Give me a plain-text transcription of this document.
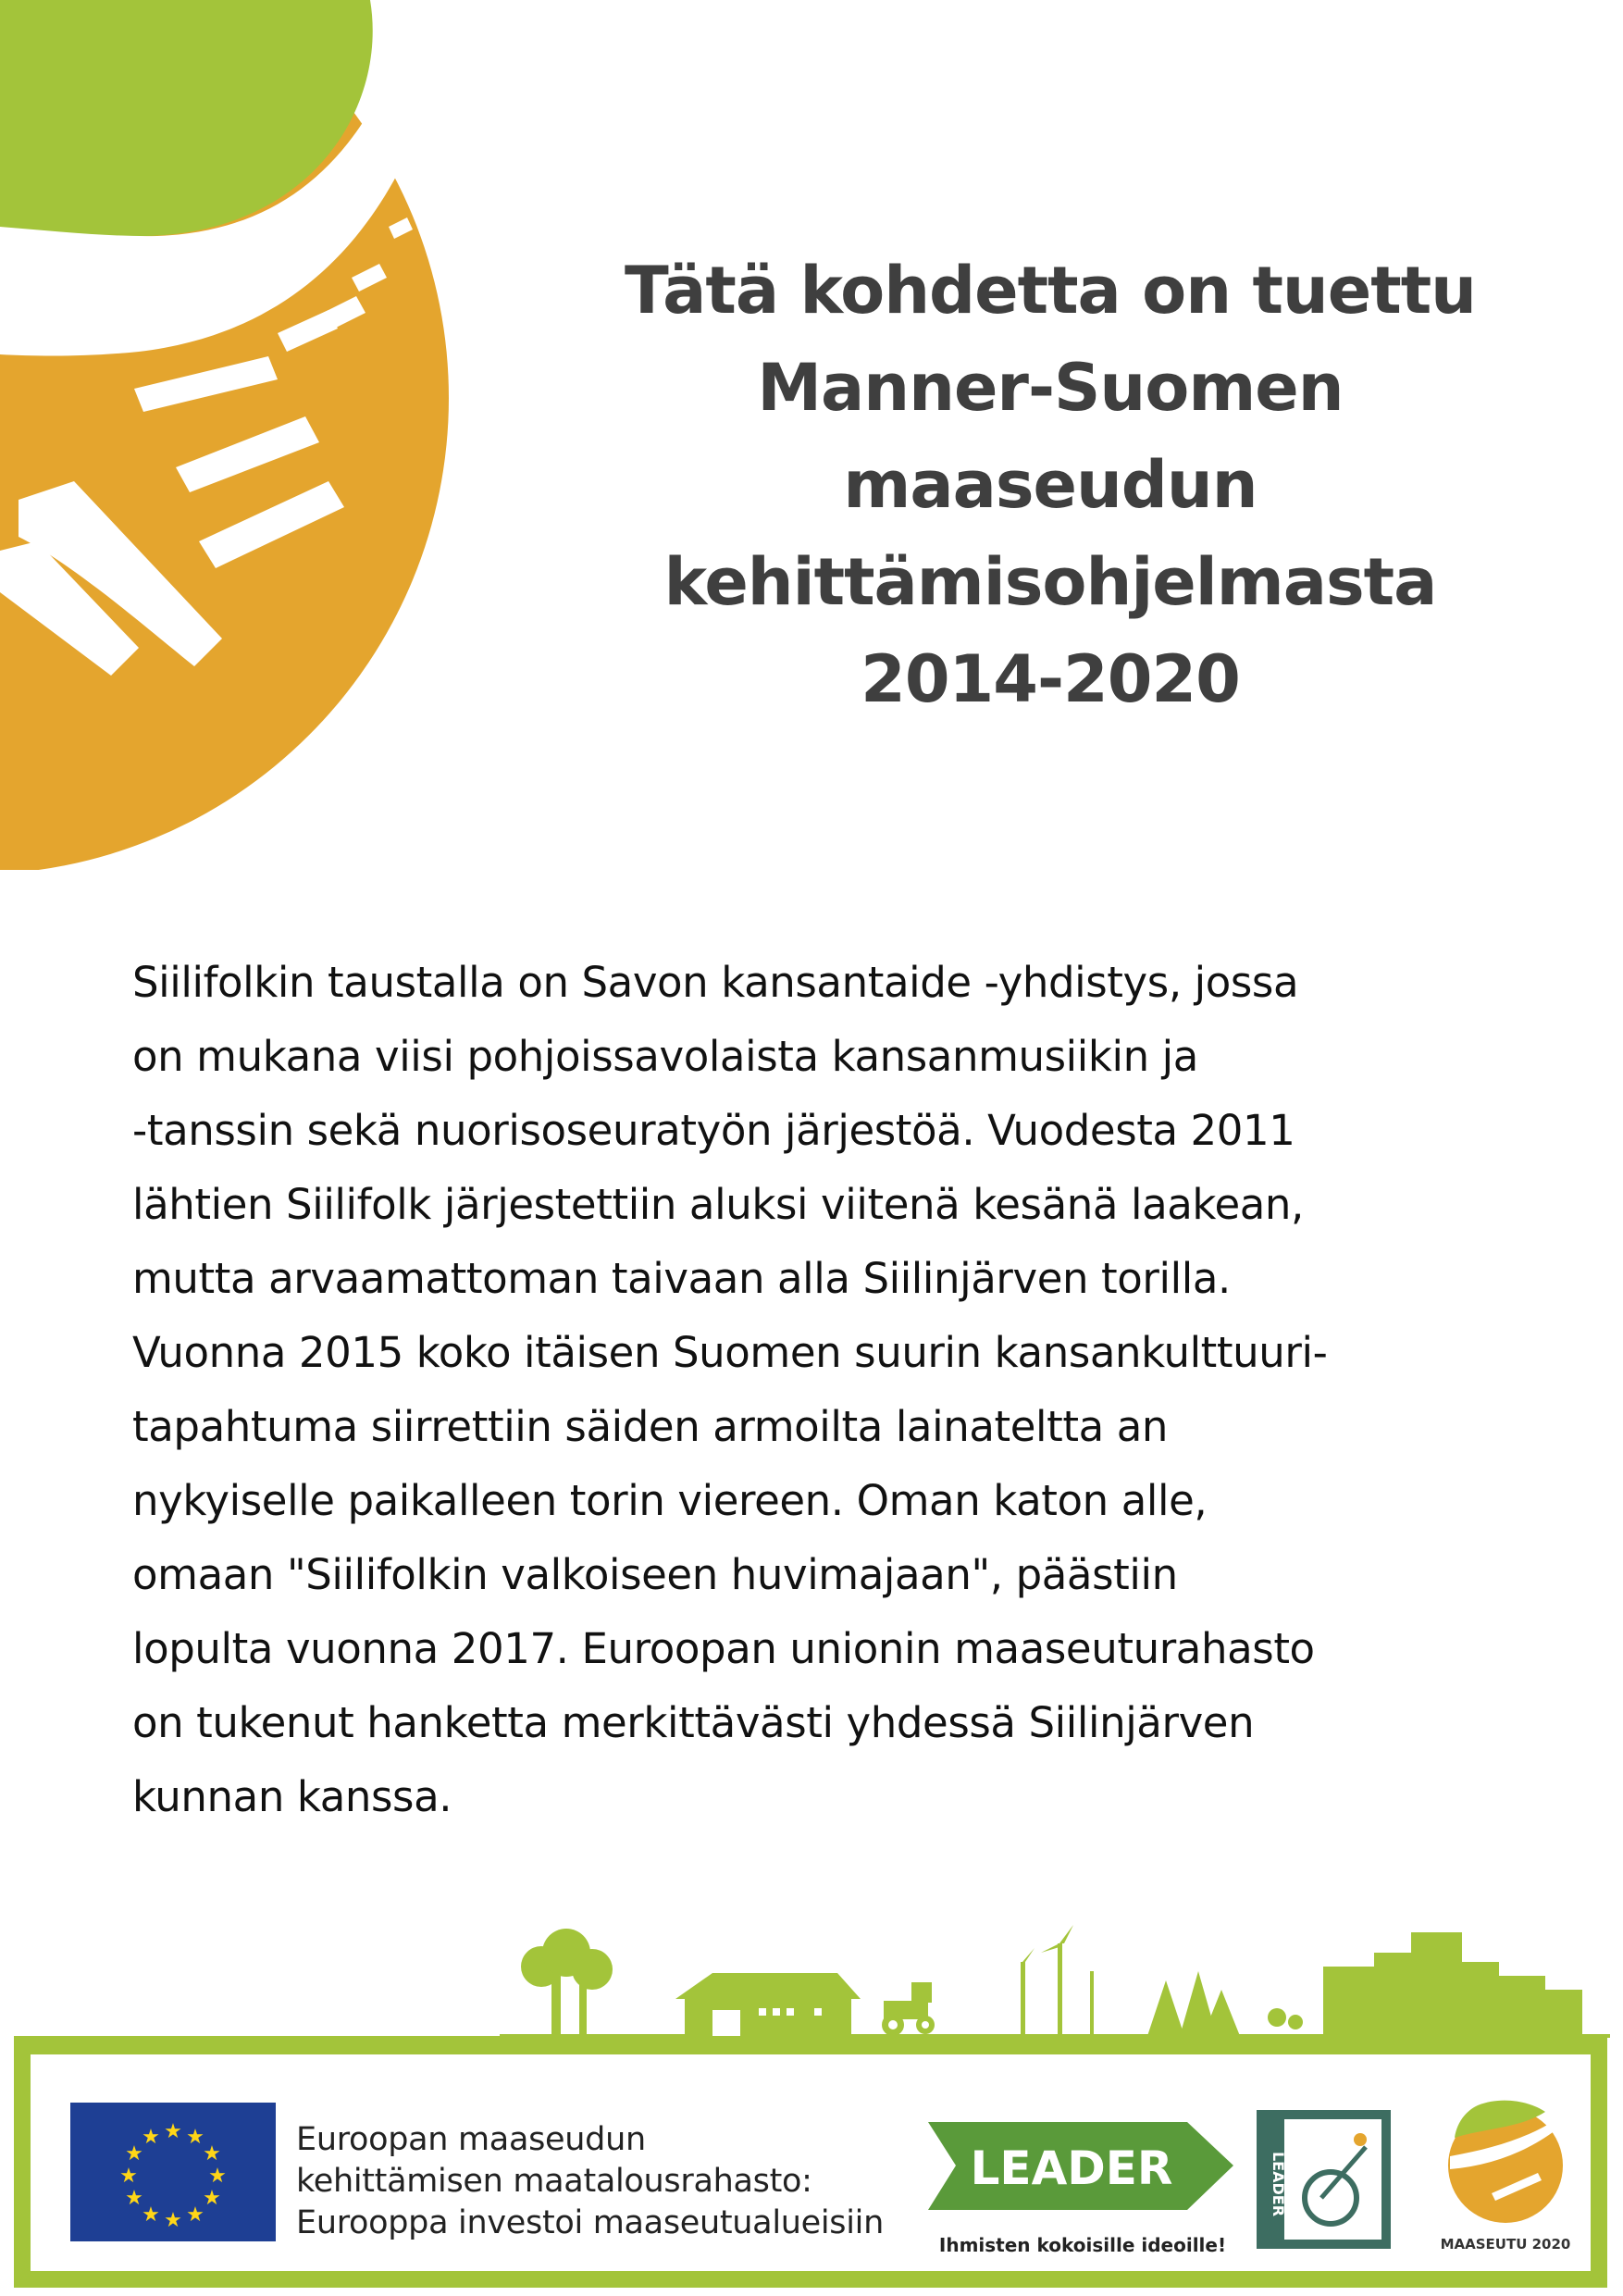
Tätä kohdetta on tuettu
Manner-Suomen
maaseudun
kehittämisohjelmasta
2014-2020
Siilifolkin taustalla on Savon kansantaide -yhdistys, jossa
on mukana viisi pohjoissavolaista kansanmusiikin ja
-tanssin sekä nuorisoseuratyön järjestöä. Vuodesta 2011
lähtien Siilifolk järjestettiin aluksi viitenä kesänä laakean,
mutta arvaamattoman taivaan alla Siilinjärven torilla.
Vuonna 2015 koko itäisen Suomen suurin kansankulttuuri-
tapahtuma siirrettiin säiden armoilta lainateltta an
nykyiselle paikalleen torin viereen. Oman katon alle,
omaan "Siilifolkin valkoiseen huvimajaan", päästiin
lopulta vuonna 2017. Euroopan unionin maaseuturahasto
on tukenut hanketta merkittävästi yhdessä Siilinjärven
kunnan kanssa.
★ ★
★
★
★
★
★
★
★
★
★
★	Euroopan maaseudun
kehittämisen maatalousrahasto:
Eurooppa investoi maaseutualueisiin
LEADER
Ihmisten kokoisille ideoille!
LEADER
MAASEUTU 2020
